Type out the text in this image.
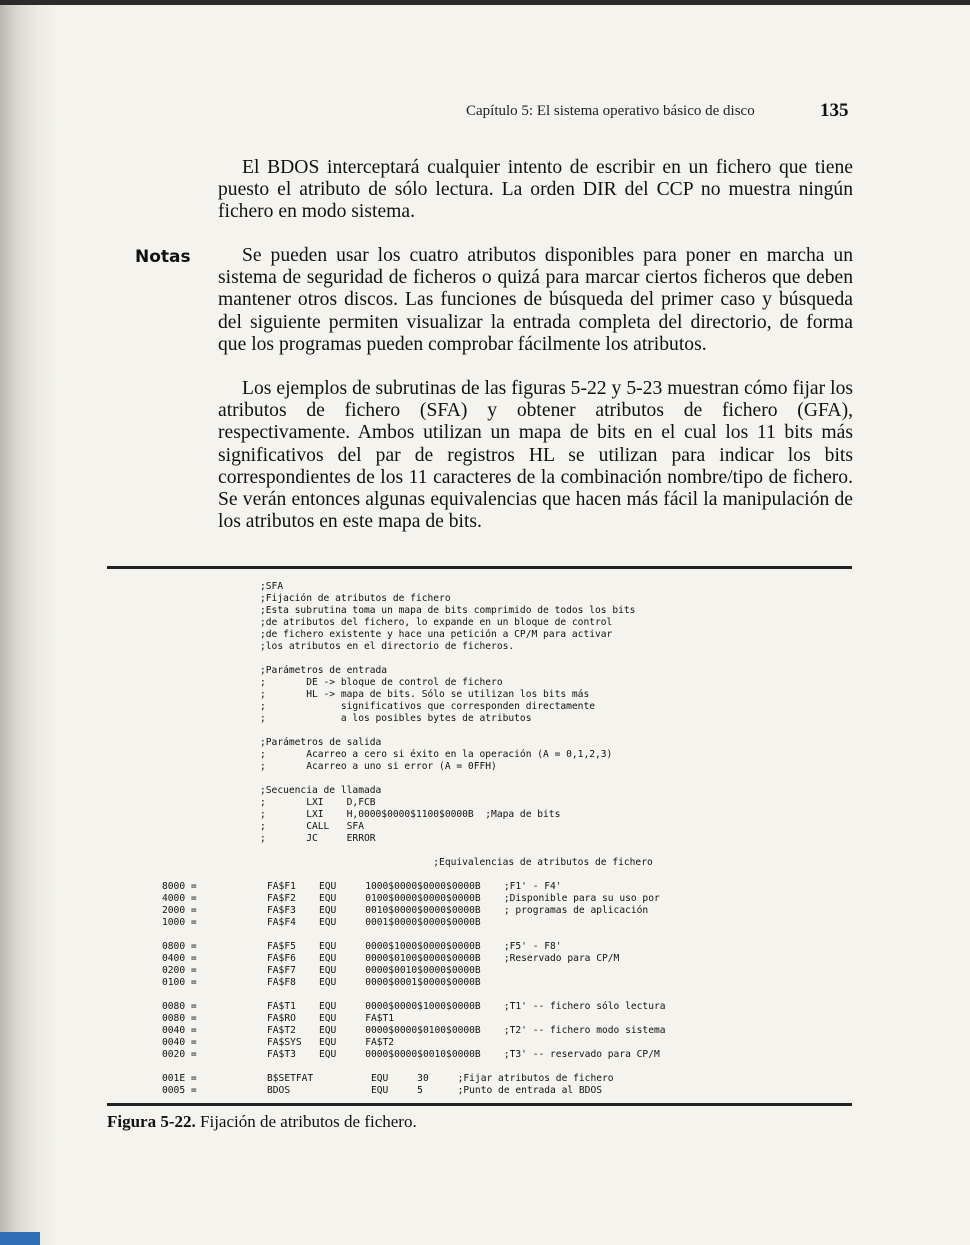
Capítulo 5: El sistema operativo básico de disco	135

El BDOS interceptará cualquier intento de escribir en un fichero que tiene puesto el atributo de sólo lectura. La orden DIR del CCP no muestra ningún fichero en modo sistema.

Notas	Se pueden usar los cuatro atributos disponibles para poner en marcha un sistema de seguridad de ficheros o quizá para marcar ciertos ficheros que deben mantener otros discos. Las funciones de búsqueda del primer caso y búsqueda del siguiente permiten visualizar la entrada completa del directorio, de forma que los programas pueden comprobar fácilmente los atributos.

Los ejemplos de subrutinas de las figuras 5-22 y 5-23 muestran cómo fijar los atributos de fichero (SFA) y obtener atributos de fichero (GFA), respectivamente. Ambos utilizan un mapa de bits en el cual los 11 bits más significativos del par de registros HL se utilizan para indicar los bits correspondientes de los 11 caracteres de la combinación nombre/tipo de fichero. Se verán entonces algunas equivalencias que hacen más fácil la manipulación de los atributos en este mapa de bits.

;SFA
;Fijación de atributos de fichero
;Esta subrutina toma un mapa de bits comprimido de todos los bits
;de atributos del fichero, lo expande en un bloque de control
;de fichero existente y hace una petición a CP/M para activar
;los atributos en el directorio de ficheros.

;Parámetros de entrada
;       DE -> bloque de control de fichero
;       HL -> mapa de bits. Sólo se utilizan los bits más
;             significativos que corresponden directamente
;             a los posibles bytes de atributos

;Parámetros de salida
;       Acarreo a cero si éxito en la operación (A = 0,1,2,3)
;       Acarreo a uno si error (A = 0FFH)

;Secuencia de llamada
;       LXI    D,FCB
;       LXI    H,0000$0000$1100$0000B  ;Mapa de bits
;       CALL   SFA
;       JC     ERROR

;Equivalencias de atributos de fichero
8000 =
4000 =
2000 =
1000 =

0800 =
0400 =
0200 =
0100 =

0080 =
0080 =
0040 =
0040 =
0020 =

001E =
0005 =
FA$F1    EQU     1000$0000$0000$0000B    ;F1' - F4'
FA$F2    EQU     0100$0000$0000$0000B    ;Disponible para su uso por
FA$F3    EQU     0010$0000$0000$0000B    ; programas de aplicación
FA$F4    EQU     0001$0000$0000$0000B

FA$F5    EQU     0000$1000$0000$0000B    ;F5' - F8'
FA$F6    EQU     0000$0100$0000$0000B    ;Reservado para CP/M
FA$F7    EQU     0000$0010$0000$0000B
FA$F8    EQU     0000$0001$0000$0000B

FA$T1    EQU     0000$0000$1000$0000B    ;T1' -- fichero sólo lectura
FA$RO    EQU     FA$T1
FA$T2    EQU     0000$0000$0100$0000B    ;T2' -- fichero modo sistema
FA$SYS   EQU     FA$T2
FA$T3    EQU     0000$0000$0010$0000B    ;T3' -- reservado para CP/M

B$SETFAT          EQU     30     ;Fijar atributos de fichero
BDOS              EQU     5      ;Punto de entrada al BDOS
Figura 5-22. Fijación de atributos de fichero.
